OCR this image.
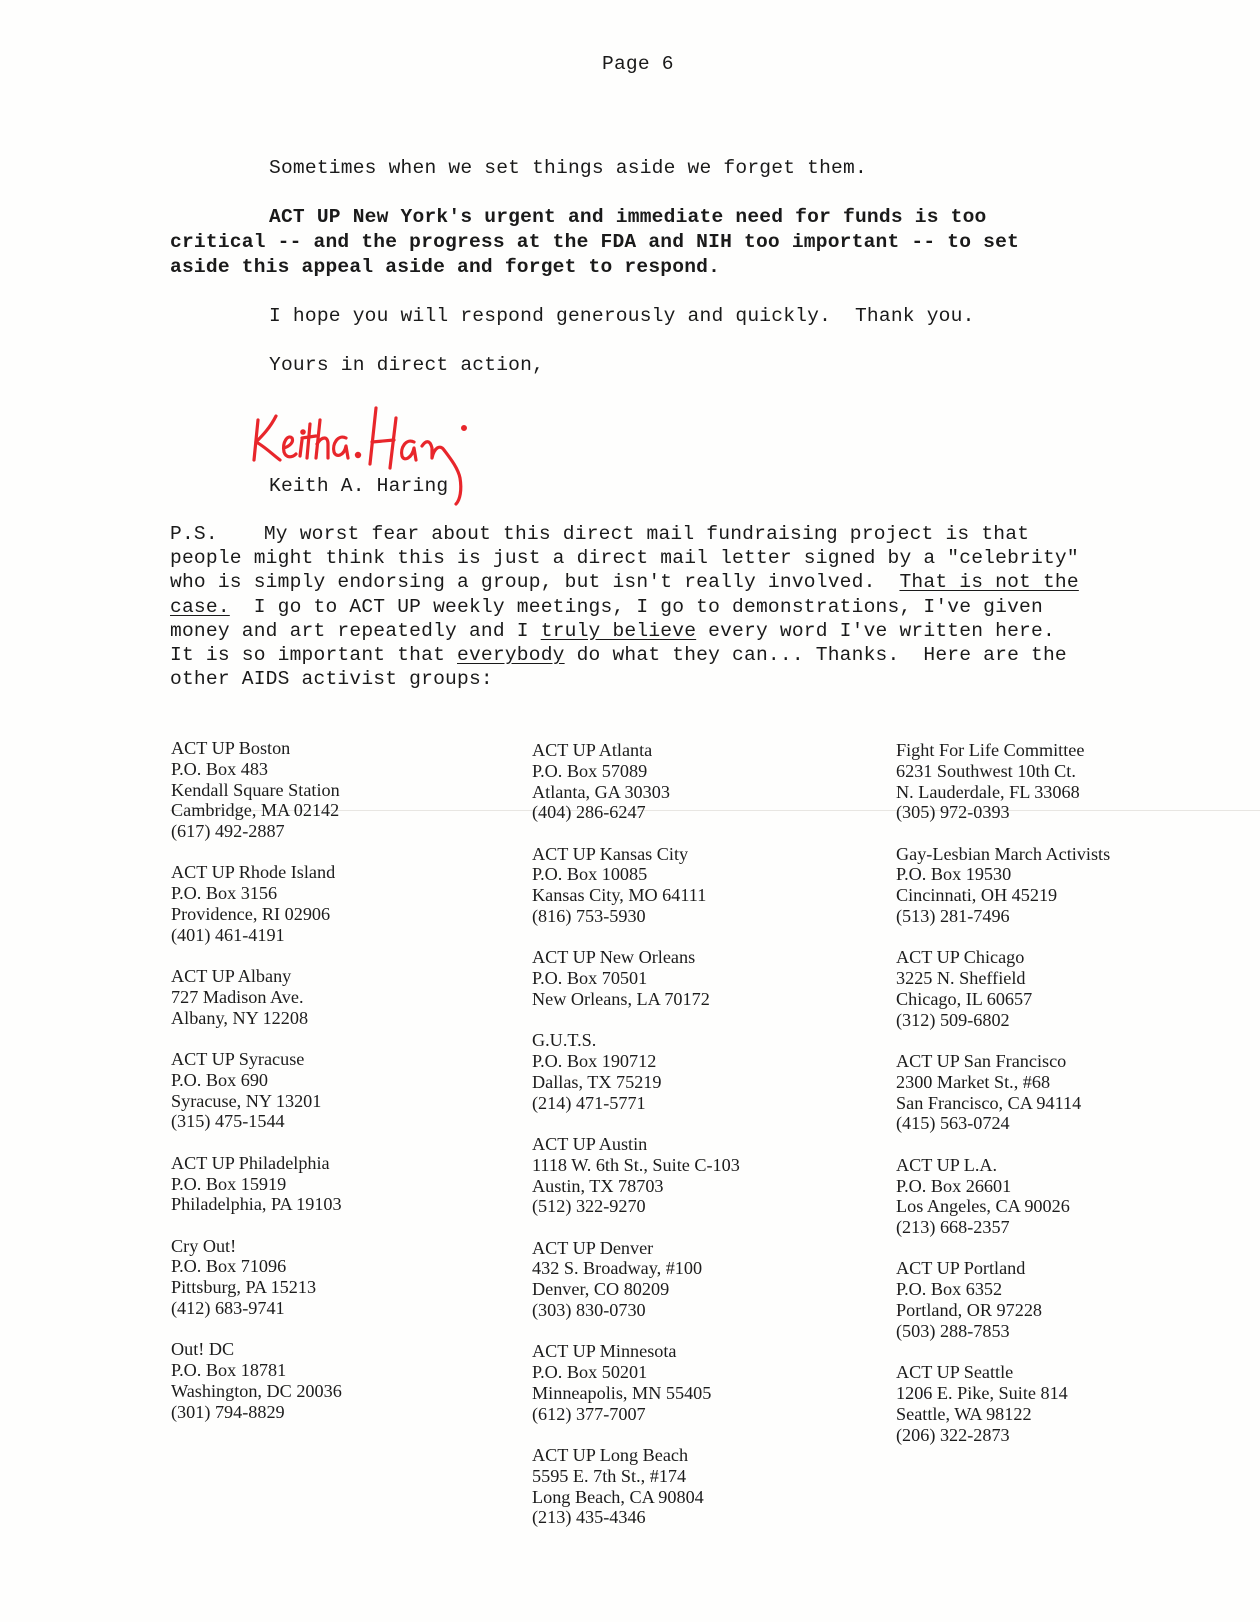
Page 6
Sometimes when we set things aside we forget them.
ACT UP New York's urgent and immediate need for funds is too
critical -- and the progress at the FDA and NIH too important -- to set
aside this appeal aside and forget to respond.
I hope you will respond generously and quickly.  Thank you.
Yours in direct action,
Keith A. Haring
P.S. My worst fear about this direct mail fundraising project is that
people might think this is just a direct mail letter signed by a "celebrity"
who is simply endorsing a group, but isn't really involved.  That is not the
case.  I go to ACT UP weekly meetings, I go to demonstrations, I've given
money and art repeatedly and I truly believe every word I've written here.
It is so important that everybody do what they can... Thanks.  Here are the
other AIDS activist groups:
ACT UP Boston
P.O. Box 483
Kendall Square Station
Cambridge, MA 02142
(617) 492-2887
ACT UP Rhode Island
P.O. Box 3156
Providence, RI 02906
(401) 461-4191
ACT UP Albany
727 Madison Ave.
Albany, NY 12208
ACT UP Syracuse
P.O. Box 690
Syracuse, NY 13201
(315) 475-1544
ACT UP Philadelphia
P.O. Box 15919
Philadelphia, PA 19103
Cry Out!
P.O. Box 71096
Pittsburg, PA 15213
(412) 683-9741
Out! DC
P.O. Box 18781
Washington, DC 20036
(301) 794-8829
ACT UP Atlanta
P.O. Box 57089
Atlanta, GA 30303
(404) 286-6247
ACT UP Kansas City
P.O. Box 10085
Kansas City, MO 64111
(816) 753-5930
ACT UP New Orleans
P.O. Box 70501
New Orleans, LA 70172
G.U.T.S.
P.O. Box 190712
Dallas, TX 75219
(214) 471-5771
ACT UP Austin
1118 W. 6th St., Suite C-103
Austin, TX 78703
(512) 322-9270
ACT UP Denver
432 S. Broadway, #100
Denver, CO 80209
(303) 830-0730
ACT UP Minnesota
P.O. Box 50201
Minneapolis, MN 55405
(612) 377-7007
ACT UP Long Beach
5595 E. 7th St., #174
Long Beach, CA 90804
(213) 435-4346
Fight For Life Committee
6231 Southwest 10th Ct.
N. Lauderdale, FL 33068
(305) 972-0393
Gay-Lesbian March Activists
P.O. Box 19530
Cincinnati, OH 45219
(513) 281-7496
ACT UP Chicago
3225 N. Sheffield
Chicago, IL 60657
(312) 509-6802
ACT UP San Francisco
2300 Market St., #68
San Francisco, CA 94114
(415) 563-0724
ACT UP L.A.
P.O. Box 26601
Los Angeles, CA 90026
(213) 668-2357
ACT UP Portland
P.O. Box 6352
Portland, OR 97228
(503) 288-7853
ACT UP Seattle
1206 E. Pike, Suite 814
Seattle, WA 98122
(206) 322-2873
